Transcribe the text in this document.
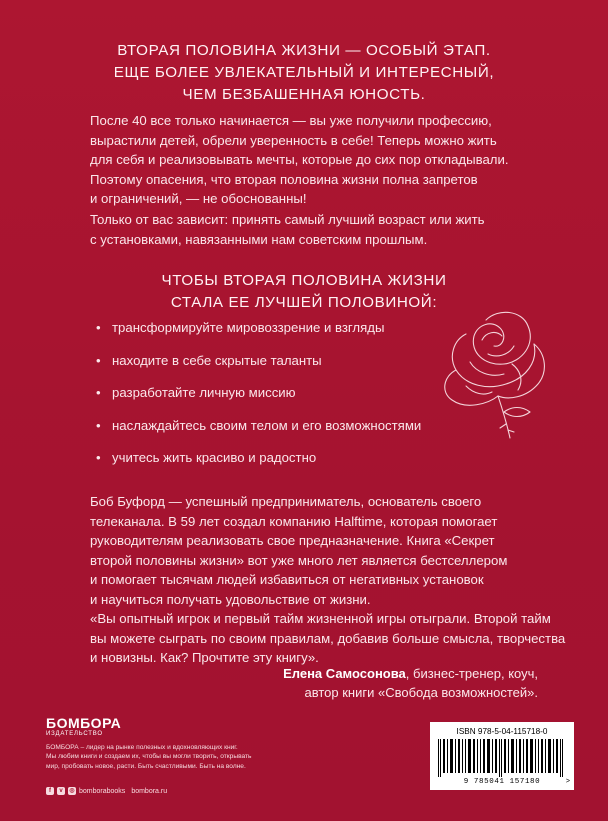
ВТОРАЯ ПОЛОВИНА ЖИЗНИ — ОСОБЫЙ ЭТАП.
ЕЩЕ БОЛЕЕ УВЛЕКАТЕЛЬНЫЙ И ИНТЕРЕСНЫЙ,
ЧЕМ БЕЗБАШЕННАЯ ЮНОСТЬ.
После 40 все только начинается — вы уже получили профессию,
вырастили детей, обрели уверенность в себе! Теперь можно жить
для себя и реализовывать мечты, которые до сих пор откладывали.
Поэтому опасения, что вторая половина жизни полна запретов
и ограничений, — не обоснованны!
Только от вас зависит: принять самый лучший возраст или жить
с установками, навязанными нам советским прошлым.
ЧТОБЫ ВТОРАЯ ПОЛОВИНА ЖИЗНИ
СТАЛА ЕЕ ЛУЧШЕЙ ПОЛОВИНОЙ:
• трансформируйте мировоззрение и взгляды
• находите в себе скрытые таланты
• разработайте личную миссию
• наслаждайтесь своим телом и его возможностями
• учитесь жить красиво и радостно
Боб Буфорд — успешный предприниматель, основатель своего
телеканала. В 59 лет создал компанию Halftime, которая помогает
руководителям реализовать свое предназначение. Книга «Секрет
второй половины жизни» вот уже много лет является бестселлером
и помогает тысячам людей избавиться от негативных установок
и научиться получать удовольствие от жизни.
«Вы опытный игрок и первый тайм жизненной игры отыграли. Второй тайм
вы можете сыграть по своим правилам, добавив больше смысла, творчества
и новизны. Как? Прочтите эту книгу».
Елена Самосонова, бизнес-тренер, коуч,
автор книги «Свобода возможностей».
БОМБОРА
ИЗДАТЕЛЬСТВО
БОМБОРА – лидер на рынке полезных и вдохновляющих книг.
Мы любим книги и создаем их, чтобы вы могли творить, открывать
мир, пробовать новое, расти. Быть счастливыми. Быть на волне.
f	v	◎ bomborabooks bombora.ru
ISBN 978-5-04-115718-0
9 785041 157180	>
